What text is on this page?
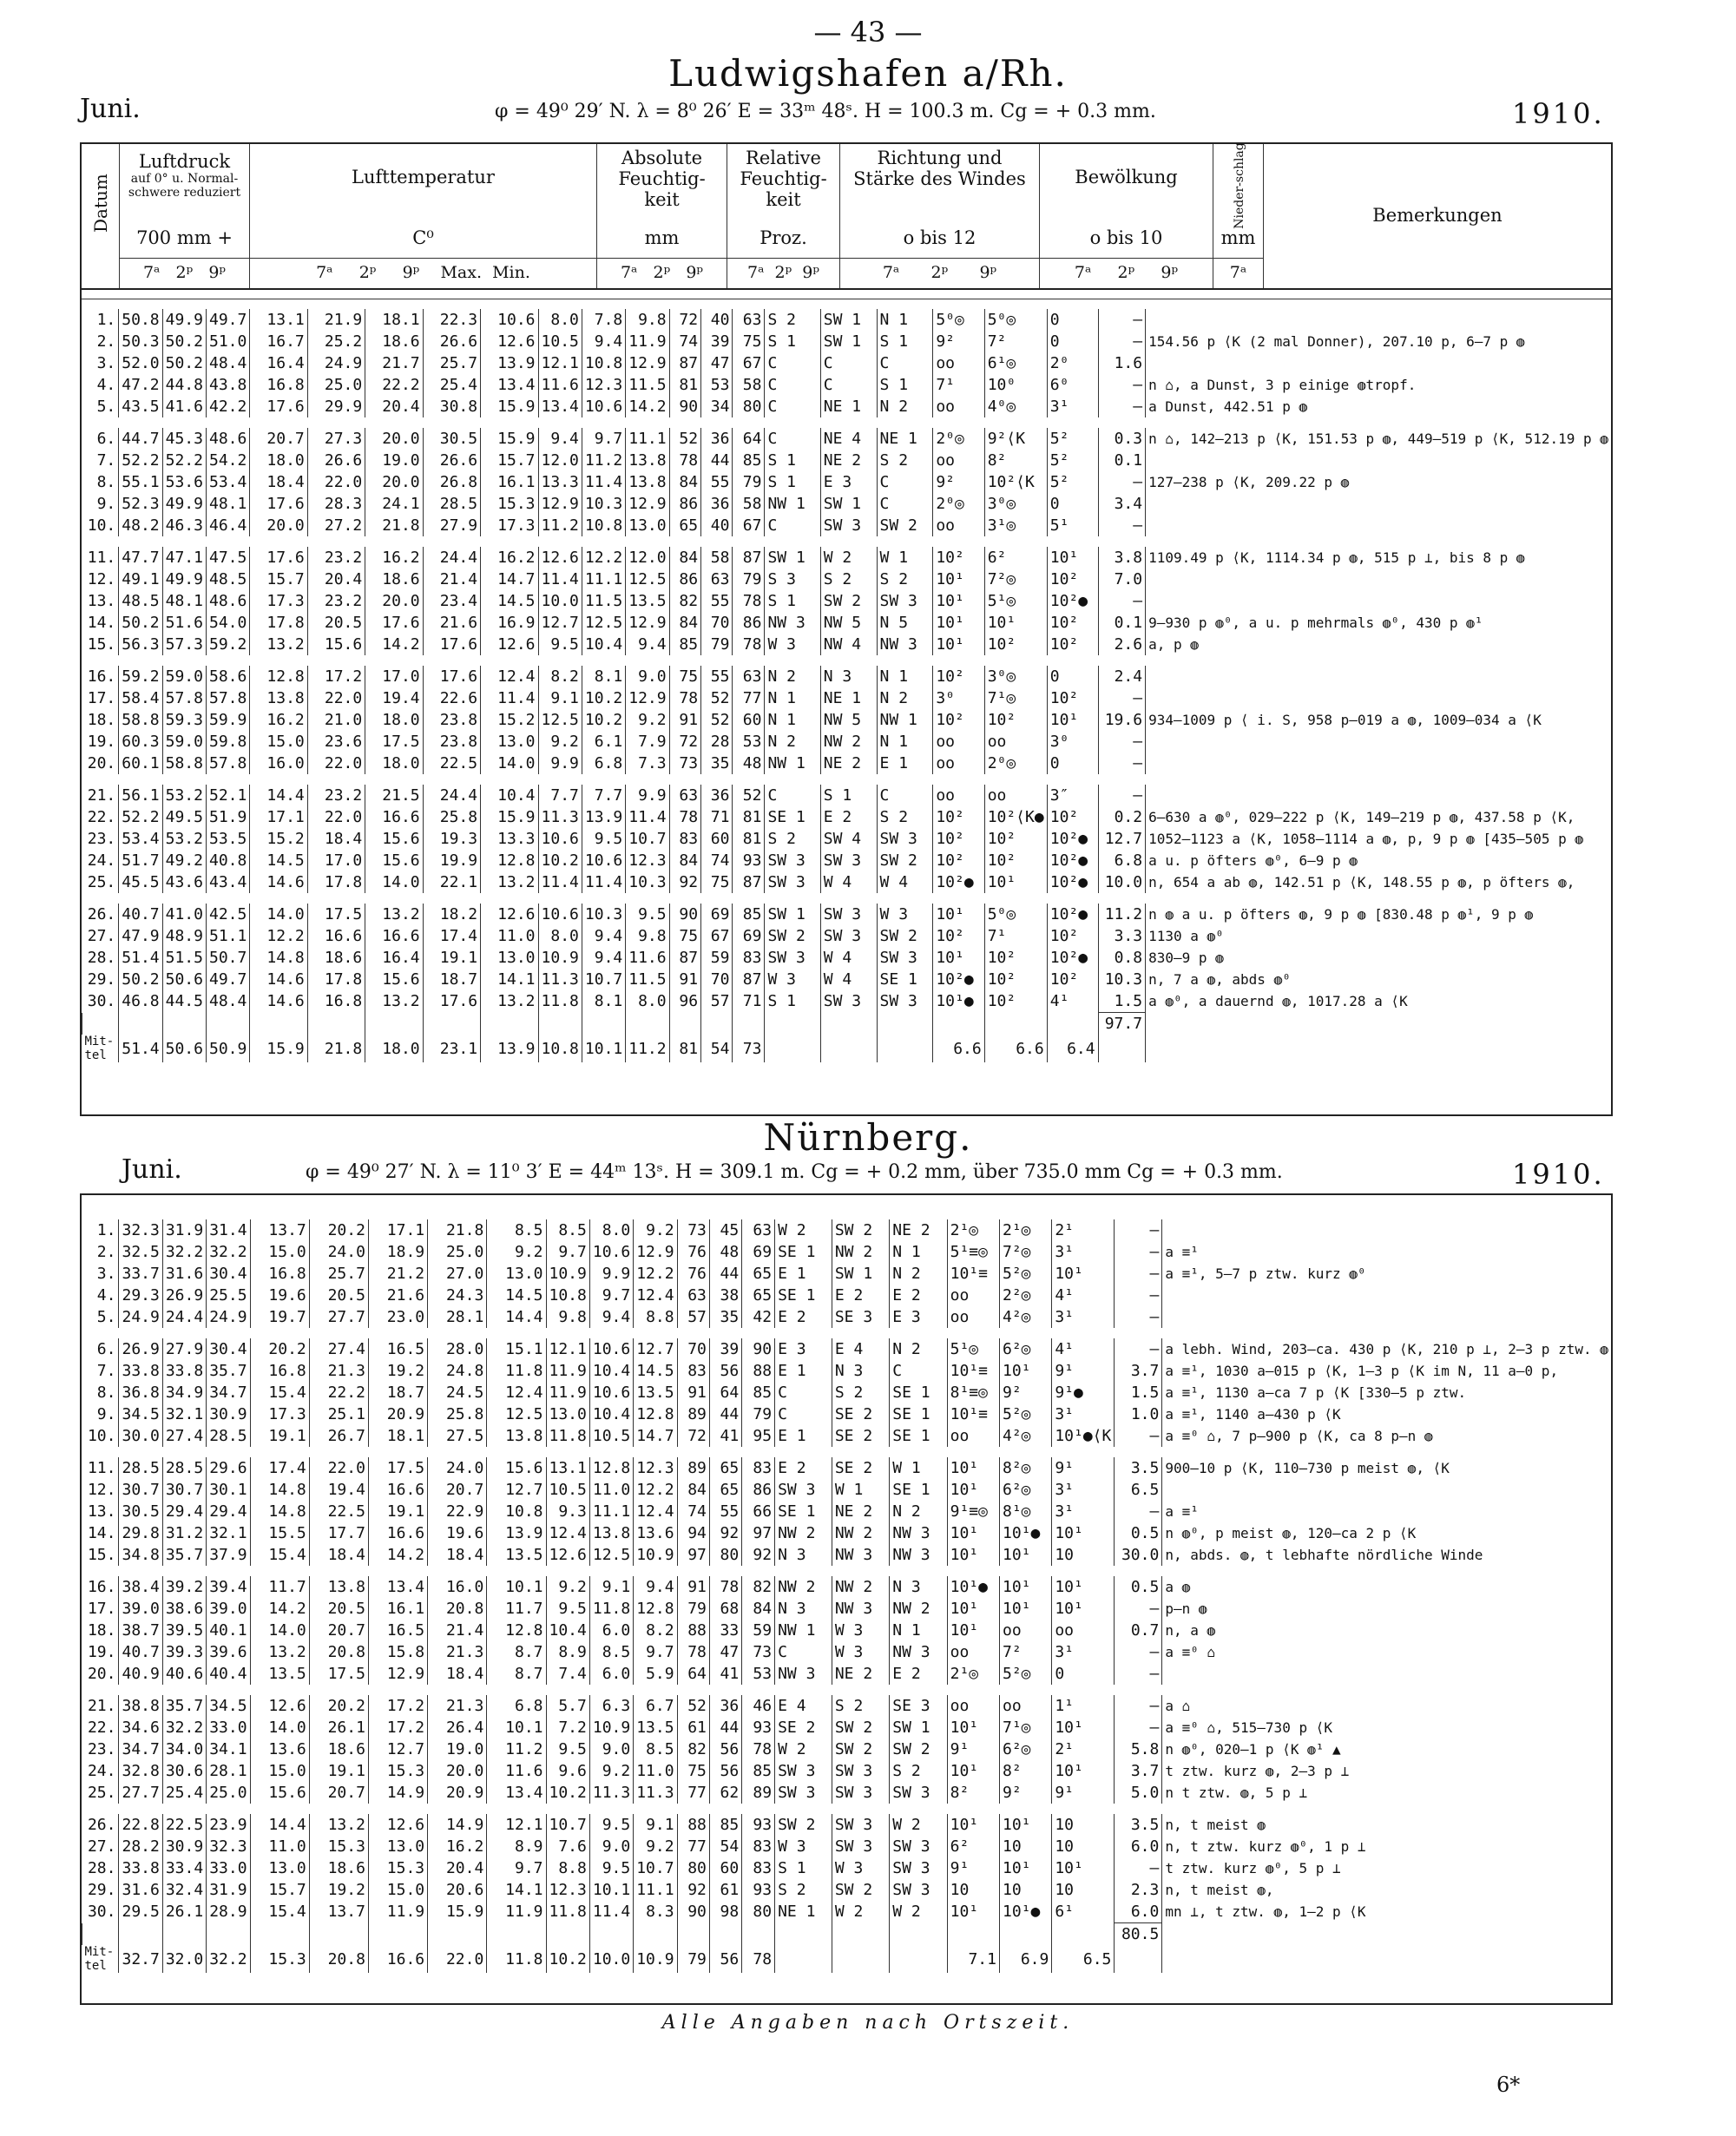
— 43 —
Ludwigshafen a/Rh.
Juni.	φ = 49⁰ 29′ N. λ = 8⁰ 26′ E = 33ᵐ 48ˢ. H = 100.3 m. Cg = + 0.3 mm.	1910.
Datum
Luftdruck
auf 0° u. Normal-schwere reduziert
700 mm +
7ᵃ 2ᵖ 9ᵖ
Lufttemperatur
C⁰
7ᵃ 2ᵖ 9ᵖ Max. Min.
Absolute Feuchtig-keit
mm
7ᵃ 2ᵖ 9ᵖ
Relative Feuchtig-keit
Proz.
7ᵃ 2ᵖ 9ᵖ
Richtung und Stärke des Windes
o bis 12
7ᵃ 2ᵖ 9ᵖ
Bewölkung
o bis 10
7ᵃ 2ᵖ 9ᵖ
Nieder-schlag
mm
7ᵃ
Bemerkungen
1.	50.8	49.9	49.7	13.1	21.9	18.1	22.3	10.6	8.0	7.8	9.8	72	40	63	S 2	SW 1	N 1	5⁰◎	5⁰◎	0	–	
2.	50.3	50.2	51.0	16.7	25.2	18.6	26.6	12.6	10.5	9.4	11.9	74	39	75	S 1	SW 1	S 1	9²	7²	0	–	154.56 p ⟨K (2 mal Donner), 207.10 p, 6–7 p ◍
3.	52.0	50.2	48.4	16.4	24.9	21.7	25.7	13.9	12.1	10.8	12.9	87	47	67	C	C	C	oo	6¹◎	2⁰	1.6	
4.	47.2	44.8	43.8	16.8	25.0	22.2	25.4	13.4	11.6	12.3	11.5	81	53	58	C	C	S 1	7¹	10⁰	6⁰	–	n ⌂, a Dunst, 3 p einige ◍tropf.
5.	43.5	41.6	42.2	17.6	29.9	20.4	30.8	15.9	13.4	10.6	14.2	90	34	80	C	NE 1	N 2	oo	4⁰◎	3¹	–	a Dunst, 442.51 p ◍

6.	44.7	45.3	48.6	20.7	27.3	20.0	30.5	15.9	9.4	9.7	11.1	52	36	64	C	NE 4	NE 1	2⁰◎	9²⟨K	5²	0.3	n ⌂, 142–213 p ⟨K, 151.53 p ◍, 449–519 p ⟨K, 512.19 p ◍
7.	52.2	52.2	54.2	18.0	26.6	19.0	26.6	15.7	12.0	11.2	13.8	78	44	85	S 1	NE 2	S 2	oo	8²	5²	0.1	
8.	55.1	53.6	53.4	18.4	22.0	20.0	26.8	16.1	13.3	11.4	13.8	84	55	79	S 1	E 3	C	9²	10²⟨K	5²	–	127–238 p ⟨K, 209.22 p ◍
9.	52.3	49.9	48.1	17.6	28.3	24.1	28.5	15.3	12.9	10.3	12.9	86	36	58	NW 1	SW 1	C	2⁰◎	3⁰◎	0	3.4	
10.	48.2	46.3	46.4	20.0	27.2	21.8	27.9	17.3	11.2	10.8	13.0	65	40	67	C	SW 3	SW 2	oo	3¹◎	5¹	–	

11.	47.7	47.1	47.5	17.6	23.2	16.2	24.4	16.2	12.6	12.2	12.0	84	58	87	SW 1	W 2	W 1	10²	6²	10¹	3.8	1109.49 p ⟨K, 1114.34 p ◍, 515 p ⟂, bis 8 p ◍
12.	49.1	49.9	48.5	15.7	20.4	18.6	21.4	14.7	11.4	11.1	12.5	86	63	79	S 3	S 2	S 2	10¹	7²◎	10²	7.0	
13.	48.5	48.1	48.6	17.3	23.2	20.0	23.4	14.5	10.0	11.5	13.5	82	55	78	S 1	SW 2	SW 3	10¹	5¹◎	10²●	–	
14.	50.2	51.6	54.0	17.8	20.5	17.6	21.6	16.9	12.7	12.5	12.9	84	70	86	NW 3	NW 5	N 5	10¹	10¹	10²	0.1	9–930 p ◍⁰, a u. p mehrmals ◍⁰, 430 p ◍¹
15.	56.3	57.3	59.2	13.2	15.6	14.2	17.6	12.6	9.5	10.4	9.4	85	79	78	W 3	NW 4	NW 3	10¹	10²	10²	2.6	a, p ◍

16.	59.2	59.0	58.6	12.8	17.2	17.0	17.6	12.4	8.2	8.1	9.0	75	55	63	N 2	N 3	N 1	10²	3⁰◎	0	2.4	
17.	58.4	57.8	57.8	13.8	22.0	19.4	22.6	11.4	9.1	10.2	12.9	78	52	77	N 1	NE 1	N 2	3⁰	7¹◎	10²	–	
18.	58.8	59.3	59.9	16.2	21.0	18.0	23.8	15.2	12.5	10.2	9.2	91	52	60	N 1	NW 5	NW 1	10²	10²	10¹	19.6	934–1009 p ⟨ i. S, 958 p–019 a ◍, 1009–034 a ⟨K
19.	60.3	59.0	59.8	15.0	23.6	17.5	23.8	13.0	9.2	6.1	7.9	72	28	53	N 2	NW 2	N 1	oo	oo	3⁰	–	
20.	60.1	58.8	57.8	16.0	22.0	18.0	22.5	14.0	9.9	6.8	7.3	73	35	48	NW 1	NE 2	E 1	oo	2⁰◎	0	–	

21.	56.1	53.2	52.1	14.4	23.2	21.5	24.4	10.4	7.7	7.7	9.9	63	36	52	C	S 1	C	oo	oo	3″	–	
22.	52.2	49.5	51.9	17.1	22.0	16.6	25.8	15.9	11.3	13.9	11.4	78	71	81	SE 1	E 2	S 2	10²	10²⟨K●	10²	0.2	6–630 a ◍⁰, 029–222 p ⟨K, 149–219 p ◍, 437.58 p ⟨K,
23.	53.4	53.2	53.5	15.2	18.4	15.6	19.3	13.3	10.6	9.5	10.7	83	60	81	S 2	SW 4	SW 3	10²	10²	10²●	12.7	1052–1123 a ⟨K, 1058–1114 a ◍, p, 9 p ◍ [435–505 p ◍
24.	51.7	49.2	40.8	14.5	17.0	15.6	19.9	12.8	10.2	10.6	12.3	84	74	93	SW 3	SW 3	SW 2	10²	10²	10²●	6.8	a u. p öfters ◍⁰, 6–9 p ◍
25.	45.5	43.6	43.4	14.6	17.8	14.0	22.1	13.2	11.4	11.4	10.3	92	75	87	SW 3	W 4	W 4	10²●	10¹	10²●	10.0	n, 654 a ab ◍, 142.51 p ⟨K, 148.55 p ◍, p öfters ◍,

26.	40.7	41.0	42.5	14.0	17.5	13.2	18.2	12.6	10.6	10.3	9.5	90	69	85	SW 1	SW 3	W 3	10¹	5⁰◎	10²●	11.2	n ◍ a u. p öfters ◍, 9 p ◍ [830.48 p ◍¹, 9 p ◍
27.	47.9	48.9	51.1	12.2	16.6	16.6	17.4	11.0	8.0	9.4	9.8	75	67	69	SW 2	SW 3	SW 2	10²	7¹	10²	3.3	1130 a ◍⁰
28.	51.4	51.5	50.7	14.8	18.6	16.4	19.1	13.0	10.9	9.4	11.6	87	59	83	SW 3	W 4	SW 3	10¹	10²	10²●	0.8	830–9 p ◍
29.	50.2	50.6	49.7	14.6	17.8	15.6	18.7	14.1	11.3	10.7	11.5	91	70	87	W 3	W 4	SE 1	10²●	10²	10²	10.3	n, 7 a ◍, abds ◍⁰
30.	46.8	44.5	48.4	14.6	16.8	13.2	17.6	13.2	11.8	8.1	8.0	96	57	71	S 1	SW 3	SW 3	10¹●	10²	4¹	1.5	a ◍⁰, a dauernd ◍, 1017.28 a ⟨K
																					97.7	
Mit-tel	51.4	50.6	50.9	15.9	21.8	18.0	23.1	13.9	10.8	10.1	11.2	81	54	73				6.6	6.6	6.4		
Nürnberg.
Juni.	φ = 49⁰ 27′ N. λ = 11⁰ 3′ E = 44ᵐ 13ˢ. H = 309.1 m. Cg = + 0.2 mm, über 735.0 mm Cg = + 0.3 mm.	1910.
1.	32.3	31.9	31.4	13.7	20.2	17.1	21.8	8.5	8.5	8.0	9.2	73	45	63	W 2	SW 2	NE 2	2¹◎	2¹◎	2¹	–	
2.	32.5	32.2	32.2	15.0	24.0	18.9	25.0	9.2	9.7	10.6	12.9	76	48	69	SE 1	NW 2	N 1	5¹≡◎	7²◎	3¹	–	a ≡¹
3.	33.7	31.6	30.4	16.8	25.7	21.2	27.0	13.0	10.9	9.9	12.2	76	44	65	E 1	SW 1	N 2	10¹≡	5²◎	10¹	–	a ≡¹, 5–7 p ztw. kurz ◍⁰
4.	29.3	26.9	25.5	19.6	20.5	21.6	24.3	14.5	10.8	9.7	12.4	63	38	65	SE 1	E 2	E 2	oo	2²◎	4¹	–	
5.	24.9	24.4	24.9	19.7	27.7	23.0	28.1	14.4	9.8	9.4	8.8	57	35	42	E 2	SE 3	E 3	oo	4²◎	3¹	–	

6.	26.9	27.9	30.4	20.2	27.4	16.5	28.0	15.1	12.1	10.6	12.7	70	39	90	E 3	E 4	N 2	5¹◎	6²◎	4¹	–	a lebh. Wind, 203–ca. 430 p ⟨K, 210 p ⟂, 2–3 p ztw. ◍
7.	33.8	33.8	35.7	16.8	21.3	19.2	24.8	11.8	11.9	10.4	14.5	83	56	88	E 1	N 3	C	10¹≡	10¹	9¹	3.7	a ≡¹, 1030 a–015 p ⟨K, 1–3 p ⟨K im N, 11 a–0 p,
8.	36.8	34.9	34.7	15.4	22.2	18.7	24.5	12.4	11.9	10.6	13.5	91	64	85	C	S 2	SE 1	8¹≡◎	9²	9¹●	1.5	a ≡¹, 1130 a–ca 7 p ⟨K [330–5 p ztw.
9.	34.5	32.1	30.9	17.3	25.1	20.9	25.8	12.5	13.0	10.4	12.8	89	44	79	C	SE 2	SE 1	10¹≡	5²◎	3¹	1.0	a ≡¹, 1140 a–430 p ⟨K
10.	30.0	27.4	28.5	19.1	26.7	18.1	27.5	13.8	11.8	10.5	14.7	72	41	95	E 1	SE 2	SE 1	oo	4²◎	10¹●⟨K	–	a ≡⁰ ⌂, 7 p–900 p ⟨K, ca 8 p–n ◍

11.	28.5	28.5	29.6	17.4	22.0	17.5	24.0	15.6	13.1	12.8	12.3	89	65	83	E 2	SE 2	W 1	10¹	8²◎	9¹	3.5	900–10 p ⟨K, 110–730 p meist ◍, ⟨K
12.	30.7	30.7	30.1	14.8	19.4	16.6	20.7	12.7	10.5	11.0	12.2	84	65	86	SW 3	W 1	SE 1	10¹	6²◎	3¹	6.5	
13.	30.5	29.4	29.4	14.8	22.5	19.1	22.9	10.8	9.3	11.1	12.4	74	55	66	SE 1	NE 2	N 2	9¹≡◎	8¹◎	3¹	–	a ≡¹
14.	29.8	31.2	32.1	15.5	17.7	16.6	19.6	13.9	12.4	13.8	13.6	94	92	97	NW 2	NW 2	NW 3	10¹	10¹●	10¹	0.5	n ◍⁰, p meist ◍, 120–ca 2 p ⟨K
15.	34.8	35.7	37.9	15.4	18.4	14.2	18.4	13.5	12.6	12.5	10.9	97	80	92	N 3	NW 3	NW 3	10¹	10¹	10	30.0	n, abds. ◍, t lebhafte nördliche Winde

16.	38.4	39.2	39.4	11.7	13.8	13.4	16.0	10.1	9.2	9.1	9.4	91	78	82	NW 2	NW 2	N 3	10¹●	10¹	10¹	0.5	a ◍
17.	39.0	38.6	39.0	14.2	20.5	16.1	20.8	11.7	9.5	11.8	12.8	79	68	84	N 3	NW 3	NW 2	10¹	10¹	10¹	–	p–n ◍
18.	38.7	39.5	40.1	14.0	20.7	16.5	21.4	12.8	10.4	6.0	8.2	88	33	59	NW 1	W 3	N 1	10¹	oo	oo	0.7	n, a ◍
19.	40.7	39.3	39.6	13.2	20.8	15.8	21.3	8.7	8.9	8.5	9.7	78	47	73	C	W 3	NW 3	oo	7²	3¹	–	a ≡⁰ ⌂
20.	40.9	40.6	40.4	13.5	17.5	12.9	18.4	8.7	7.4	6.0	5.9	64	41	53	NW 3	NE 2	E 2	2¹◎	5²◎	0	–	

21.	38.8	35.7	34.5	12.6	20.2	17.2	21.3	6.8	5.7	6.3	6.7	52	36	46	E 4	S 2	SE 3	oo	oo	1¹	–	a ⌂
22.	34.6	32.2	33.0	14.0	26.1	17.2	26.4	10.1	7.2	10.9	13.5	61	44	93	SE 2	SW 2	SW 1	10¹	7¹◎	10¹	–	a ≡⁰ ⌂, 515–730 p ⟨K
23.	34.7	34.0	34.1	13.6	18.6	12.7	19.0	11.2	9.5	9.0	8.5	82	56	78	W 2	SW 2	SW 2	9¹	6²◎	2¹	5.8	n ◍⁰, 020–1 p ⟨K ◍¹ ▲
24.	32.8	30.6	28.1	15.0	19.1	15.3	20.0	11.6	9.6	9.2	11.0	75	56	85	SW 3	SW 3	S 2	10¹	8²	10¹	3.7	t ztw. kurz ◍, 2–3 p ⟂
25.	27.7	25.4	25.0	15.6	20.7	14.9	20.9	13.4	10.2	11.3	11.3	77	62	89	SW 3	SW 3	SW 3	8²	9²	9¹	5.0	n t ztw. ◍, 5 p ⟂

26.	22.8	22.5	23.9	14.4	13.2	12.6	14.9	12.1	10.7	9.5	9.1	88	85	93	SW 2	SW 3	W 2	10¹	10¹	10	3.5	n, t meist ◍
27.	28.2	30.9	32.3	11.0	15.3	13.0	16.2	8.9	7.6	9.0	9.2	77	54	83	W 3	SW 3	SW 3	6²	10	10	6.0	n, t ztw. kurz ◍⁰, 1 p ⟂
28.	33.8	33.4	33.0	13.0	18.6	15.3	20.4	9.7	8.8	9.5	10.7	80	60	83	S 1	W 3	SW 3	9¹	10¹	10¹	–	t ztw. kurz ◍⁰, 5 p ⟂
29.	31.6	32.4	31.9	15.7	19.2	15.0	20.6	14.1	12.3	10.1	11.1	92	61	93	S 2	SW 2	SW 3	10	10	10	2.3	n, t meist ◍,
30.	29.5	26.1	28.9	15.4	13.7	11.9	15.9	11.9	11.8	11.4	8.3	90	98	80	NE 1	W 2	W 2	10¹	10¹●	6¹	6.0	mn ⟂, t ztw. ◍, 1–2 p ⟨K
																					80.5	
Mit-tel	32.7	32.0	32.2	15.3	20.8	16.6	22.0	11.8	10.2	10.0	10.9	79	56	78				7.1	6.9	6.5		
Alle Angaben nach Ortszeit.
6*
